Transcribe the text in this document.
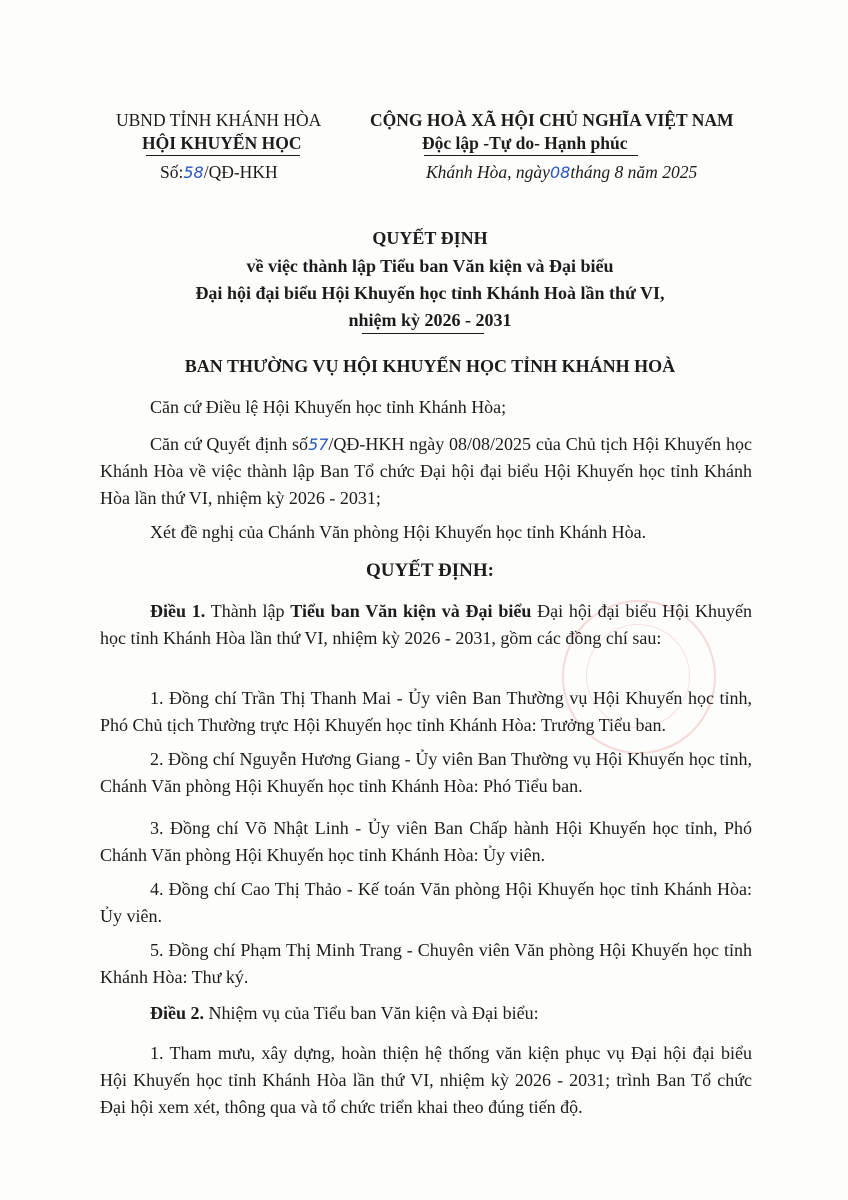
UBND TỈNH KHÁNH HÒA
HỘI KHUYẾN HỌC
Số:58/QĐ-HKH
CỘNG HOÀ XÃ HỘI CHỦ NGHĨA VIỆT NAM
Độc lập -Tự do- Hạnh phúc
Khánh Hòa, ngày08tháng 8 năm 2025
QUYẾT ĐỊNH
về việc thành lập Tiểu ban Văn kiện và Đại biểu
Đại hội đại biểu Hội Khuyến học tỉnh Khánh Hoà lần thứ VI,
nhiệm kỳ 2026 - 2031
BAN THƯỜNG VỤ HỘI KHUYẾN HỌC TỈNH KHÁNH HOÀ
Căn cứ Điều lệ Hội Khuyến học tỉnh Khánh Hòa;
Căn cứ Quyết định số57/QĐ-HKH ngày 08/08/2025 của Chủ tịch Hội Khuyến học Khánh Hòa về việc thành lập Ban Tổ chức Đại hội đại biểu Hội Khuyến học tỉnh Khánh Hòa lần thứ VI, nhiệm kỳ 2026 - 2031;
Xét đề nghị của Chánh Văn phòng Hội Khuyến học tỉnh Khánh Hòa.
QUYẾT ĐỊNH:
Điều 1. Thành lập Tiểu ban Văn kiện và Đại biểu Đại hội đại biểu Hội Khuyến học tỉnh Khánh Hòa lần thứ VI, nhiệm kỳ 2026 - 2031, gồm các đồng chí sau:
1. Đồng chí Trần Thị Thanh Mai - Ủy viên Ban Thường vụ Hội Khuyến học tỉnh, Phó Chủ tịch Thường trực Hội Khuyến học tỉnh Khánh Hòa: Trưởng Tiểu ban.
2. Đồng chí Nguyễn Hương Giang - Ủy viên Ban Thường vụ Hội Khuyến học tỉnh, Chánh Văn phòng Hội Khuyến học tỉnh Khánh Hòa: Phó Tiểu ban.
3. Đồng chí Võ Nhật Linh - Ủy viên Ban Chấp hành Hội Khuyến học tỉnh, Phó Chánh Văn phòng Hội Khuyến học tỉnh Khánh Hòa: Ủy viên.
4. Đồng chí Cao Thị Thảo - Kế toán Văn phòng Hội Khuyến học tỉnh Khánh Hòa: Ủy viên.
5. Đồng chí Phạm Thị Minh Trang - Chuyên viên Văn phòng Hội Khuyến học tỉnh Khánh Hòa: Thư ký.
Điều 2. Nhiệm vụ của Tiểu ban Văn kiện và Đại biểu:
1. Tham mưu, xây dựng, hoàn thiện hệ thống văn kiện phục vụ Đại hội đại biểu Hội Khuyến học tỉnh Khánh Hòa lần thứ VI, nhiệm kỳ 2026 - 2031; trình Ban Tổ chức Đại hội xem xét, thông qua và tổ chức triển khai theo đúng tiến độ.
